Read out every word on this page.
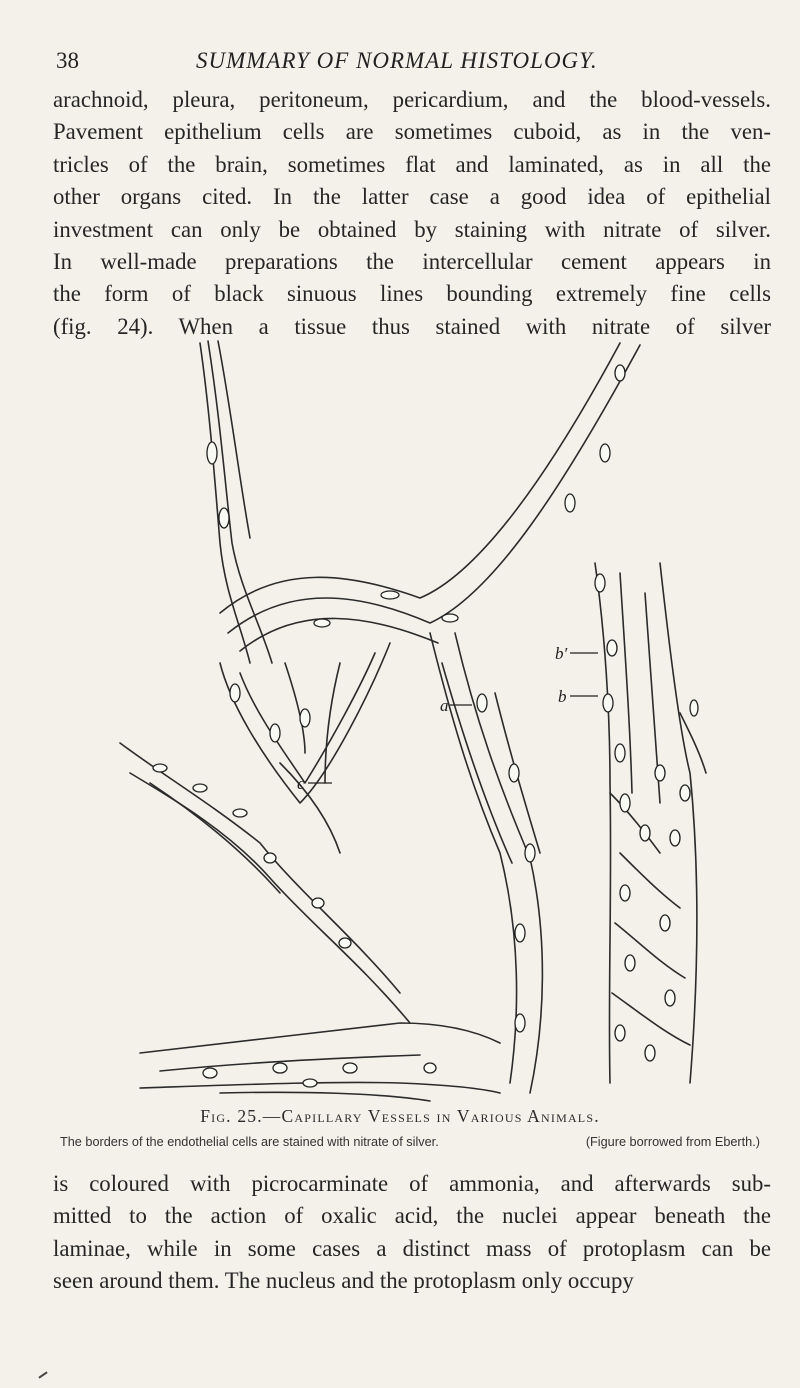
38	SUMMARY OF NORMAL HISTOLOGY.
arachnoid, pleura, peritoneum, pericardium, and the blood-vessels.
Pavement epithelium cells are sometimes cuboid, as in the ven-
tricles of the brain, sometimes flat and laminated, as in all the
other organs cited. In the latter case a good idea of epithelial
investment can only be obtained by staining with nitrate of silver.
In well-made preparations the intercellular cement appears in
the form of black sinuous lines bounding extremely fine cells
(fig. 24). When a tissue thus stained with nitrate of silver
a
c
b′
b
Fig. 25.—Capillary Vessels in Various Animals.
The borders of the endothelial cells are stained with nitrate of silver.	(Figure borrowed from Eberth.)
is coloured with picrocarminate of ammonia, and afterwards sub-
mitted to the action of oxalic acid, the nuclei appear beneath the
laminae, while in some cases a distinct mass of protoplasm can be
seen around them. The nucleus and the protoplasm only occupy
